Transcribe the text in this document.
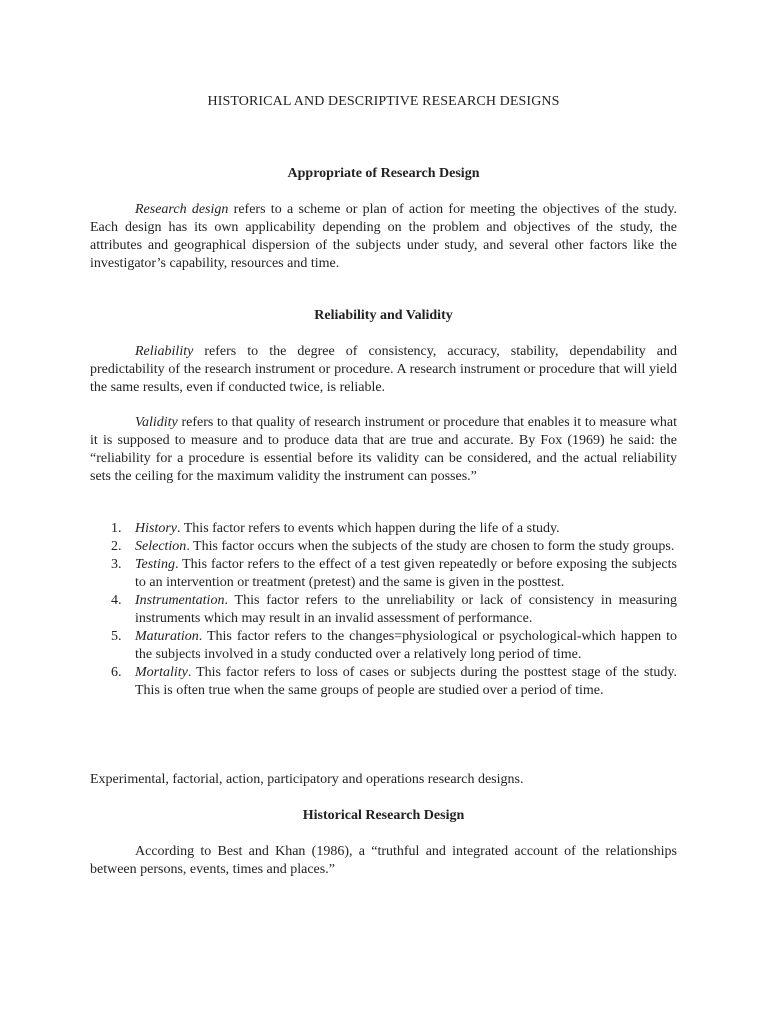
HISTORICAL AND DESCRIPTIVE RESEARCH DESIGNS
Appropriate of Research Design

Research design refers to a scheme or plan of action for meeting the objectives of the study. Each design has its own applicability depending on the problem and objectives of the study, the attributes and geographical dispersion of the subjects under study, and several other factors like the investigator’s capability, resources and time.

Reliability and Validity

Reliability refers to the degree of consistency, accuracy, stability, dependability and predictability of the research instrument or procedure. A research instrument or procedure that will yield the same results, even if conducted twice, is reliable.

Validity refers to that quality of research instrument or procedure that enables it to measure what it is supposed to measure and to produce data that are true and accurate. By Fox (1969) he said: the “reliability for a procedure is essential before its validity can be considered, and the actual reliability sets the ceiling for the maximum validity the instrument can posses.”

1. History. This factor refers to events which happen during the life of a study.
2. Selection. This factor occurs when the subjects of the study are chosen to form the study groups.
3. Testing. This factor refers to the effect of a test given repeatedly or before exposing the subjects to an intervention or treatment (pretest) and the same is given in the posttest.
4. Instrumentation. This factor refers to the unreliability or lack of consistency in measuring instruments which may result in an invalid assessment of performance.
5. Maturation. This factor refers to the changes=physiological or psychological-which happen to the subjects involved in a study conducted over a relatively long period of time.
6. Mortality. This factor refers to loss of cases or subjects during the posttest stage of the study. This is often true when the same groups of people are studied over a period of time.

Experimental, factorial, action, participatory and operations research designs.

Historical Research Design

According to Best and Khan (1986), a “truthful and integrated account of the relationships between persons, events, times and places.”
